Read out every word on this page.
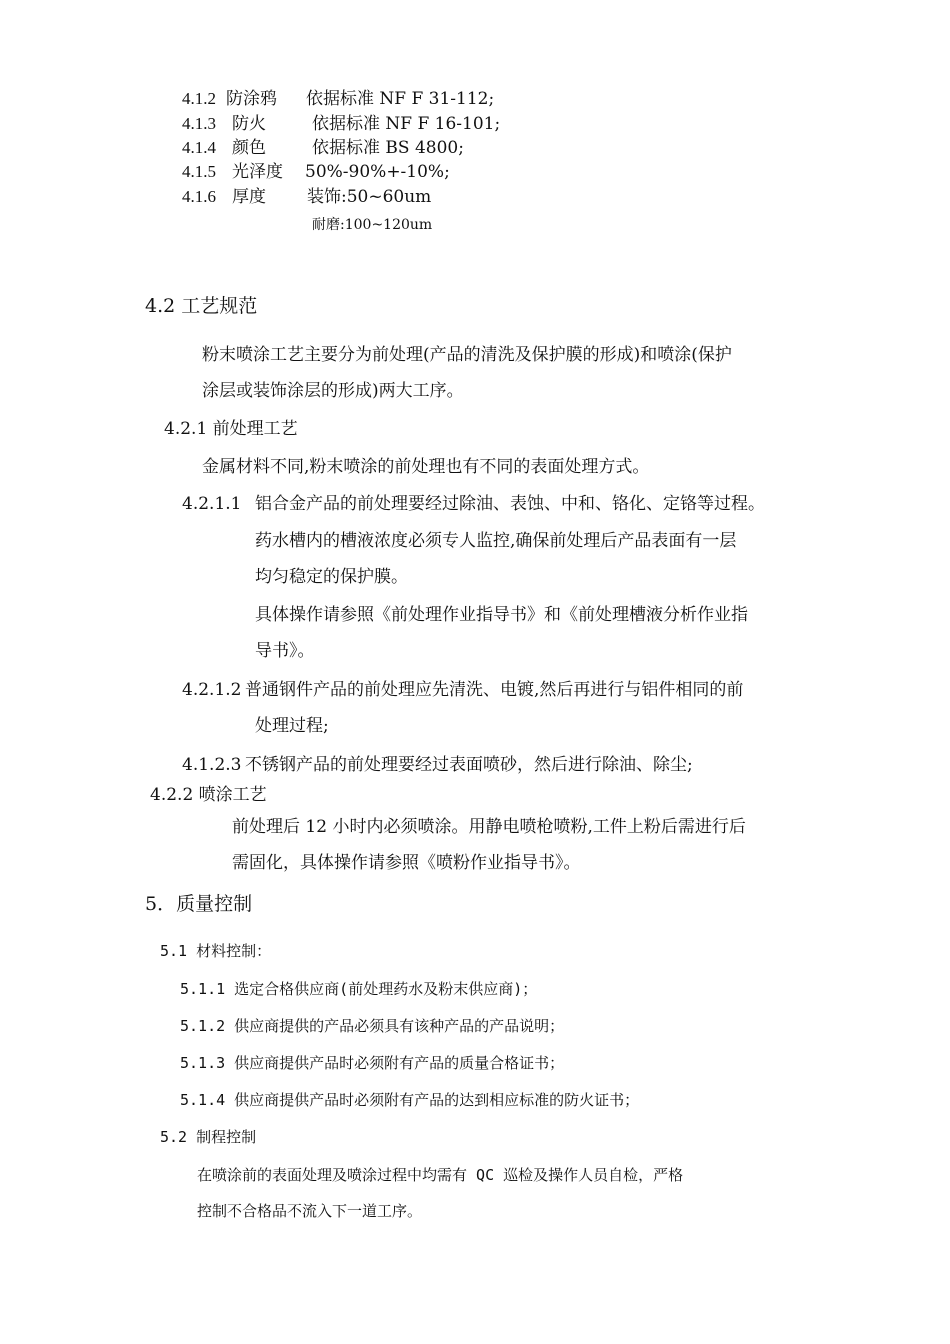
4.1.2 防涂鸦 依据标准 NF F 31-112;
4.1.3 防火	依据标准 NF F 16-101;
4.1.4 颜色	依据标准 BS 4800;
4.1.5 光泽度 50%-90%+-10%;
4.1.6 厚度 装饰:50~60um
耐磨:100~120um
4.2 工艺规范
粉末喷涂工艺主要分为前处理(产品的清洗及保护膜的形成)和喷涂(保护
涂层或装饰涂层的形成)两大工序。
4.2.1 前处理工艺
金属材料不同,粉末喷涂的前处理也有不同的表面处理方式。
4.2.1.1 铝合金产品的前处理要经过除油、表蚀、中和、铬化、定铬等过程。
药水槽内的槽液浓度必须专人监控,确保前处理后产品表面有一层
均匀稳定的保护膜。
具体操作请参照《前处理作业指导书》和《前处理槽液分析作业指
导书》。
4.2.1.2 普通钢件产品的前处理应先清洗、电镀,然后再进行与铝件相同的前
处理过程;
4.1.2.3 不锈钢产品的前处理要经过表面喷砂，然后进行除油、除尘;
4.2.2 喷涂工艺
前处理后 12 小时内必须喷涂。用静电喷枪喷粉,工件上粉后需进行后
需固化，具体操作请参照《喷粉作业指导书》。
5．质量控制
5.1 材料控制：
5.1.1 选定合格供应商(前处理药水及粉末供应商)；
5.1.2 供应商提供的产品必须具有该种产品的产品说明；
5.1.3 供应商提供产品时必须附有产品的质量合格证书；
5.1.4 供应商提供产品时必须附有产品的达到相应标准的防火证书；
5.2 制程控制
在喷涂前的表面处理及喷涂过程中均需有 QC 巡检及操作人员自检，严格
控制不合格品不流入下一道工序。
